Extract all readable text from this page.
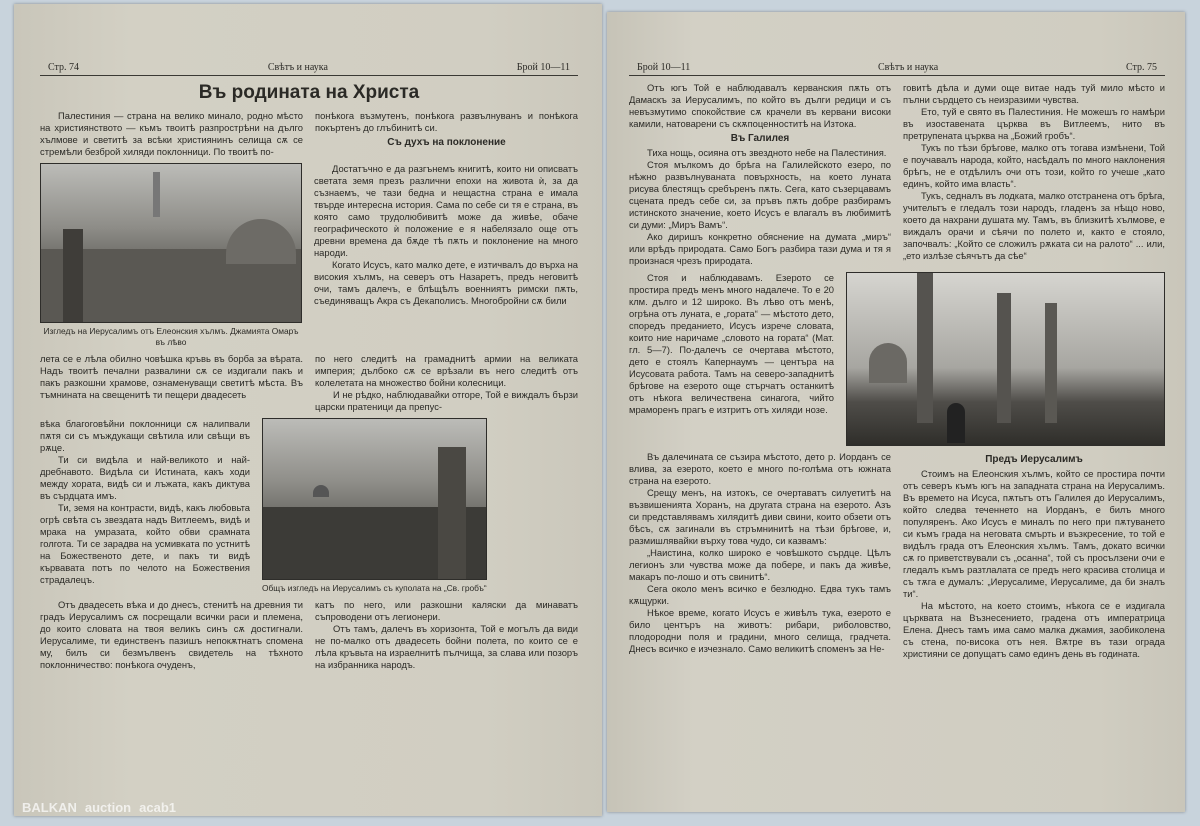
Стр. 74	Свѣтъ и наука	Брой 10—11
Въ родината на Христа

Палестиния — страна на велико минало, родно мѣсто на християнството — къмъ твоитѣ разпрострѣни на дълго хълмове и светитѣ за всѣки християнинъ селища сѫ се стремѣли безброй хиляди поклонници. По твоитѣ по-

понѣкога възмутенъ, понѣкога развълнуванъ и понѣкога покъртенъ до глъбинитѣ си.

Съ духъ на поклонение

Изгледъ на Иерусалимъ отъ Елеонския хълмъ. Джамията Омаръ въ лѣво

Достатъчно е да разгънемъ книгитѣ, които ни описватъ светата земя презъ различни епохи на живота ѝ, за да съзнаемъ, че тази бедна и нещастна страна е имала твърде интересна история. Сама по себе си тя е страна, въ която само трудолюбивитѣ може да живѣе, обаче географическото ѝ положение е я набелязало още отъ древни времена да бѫде тѣ пѫть и поклонение на много народи.

Когато Исусъ, като малко дете, е изтичвалъ до върха на високия хълмъ, на северъ отъ Назаретъ, предъ неговитѣ очи, тамъ далечъ, е блѣщѣлъ военниятъ римски пѫть, съединяващъ Акра съ Декаполисъ. Многобройни сѫ били

лета се е лѣла обилно човѣшка кръвь въ борба за вѣрата. Надъ твоитѣ печални развалини сѫ се издигали пакъ и пакъ разкошни храмове, ознаменуващи светитѣ мѣста. Въ тъмнината на свещенитѣ ти пещери двадесеть

по него следитѣ на грамаднитѣ армии на великата империя; дълбоко сѫ се врѣзали въ него следитѣ отъ колелетата на множество бойни колесници.

И не рѣдко, наблюдавайки отгоре, Той е виждалъ бързи царски пратеници да препус-

вѣка благоговѣйни поклонници сѫ налипвали пѫтя си съ мъждукащи свѣтила или свѣщи въ рѫце.

Ти си видѣла и най-великото и най-дребнавото. Видѣла си Истината, какъ ходи между хората, видѣ си и лъжата, какъ диктува въ сърдцата имъ.

Ти, земя на контрасти, видѣ, какъ любовьта огрѣ свѣта съ звездата надъ Витлеемъ, видѣ и мрака на умразата, който обви срамната голгота. Ти се зарадва на усмивката по устнитѣ на Божественото дете, и пакъ ти видѣ кървавата потъ по челото на Божествения страдалецъ.

Общъ изгледъ на Иерусалимъ съ куполата на „Св. гробъ“

Отъ двадесеть вѣка и до днесъ, стенитѣ на древния ти градъ Иерусалимъ сѫ посрещали всички раси и племена, до които словата на твоя великъ синъ сѫ достигнали. Иерусалиме, ти единственъ пазишъ непокѫтнатъ спомена му, билъ си безмълвенъ свидетель на тѣхното поклонничество: понѣкога очуденъ,

катъ по него, или разкошни каляски да минаватъ съпроводени отъ легионери.

Отъ тамъ, далечъ въ хоризонта, Той е могълъ да види не по-малко отъ двадесеть бойни полета, по които се е лѣла кръвьта на израелнитѣ пълчища, за слава или позоръ на избранника народъ.

Брой 10—11	Свѣтъ и наука	Стр. 75

Отъ югъ Той е наблюдавалъ керванския пѫть отъ Дамаскъ за Иерусалимъ, по който въ дълги редици и съ невъзмутимо спокойствие сѫ крачели въ кервани високи камили, натоварени съ скѫпоценноститѣ на Изтока.

Въ Галилея

Тиха нощь, осияна отъ звездното небе на Палестиния.

Стоя мълкомъ до брѣга на Галилейското езеро, по нѣжно развълнуваната повърхность, на което луната рисува блестящъ сребъренъ пѫть. Сега, като съзерцавамъ сцената предъ себе си, за пръвъ пѫть добре разбирамъ истинското значение, което Исусъ е влагалъ въ любимитѣ си думи: „Миръ Вамъ“.

Ако диришъ конкретно обяснение на думата „миръ“ или врѣдъ природата. Само Богъ разбира тази дума и тя я произнася чрезъ природата.

говитѣ дѣла и думи още витае надъ туй мило мѣсто и пълни сърдцето съ неизразими чувства.

Ето, туй е свято въ Палестиния. Не можешъ го намѣри въ изоставената църква въ Витлеемъ, нито въ претрупената църква на „Божий гробъ“.

Тукъ по тѣзи брѣгове, малко отъ тогава измѣнени, Той е поучавалъ народа, който, насѣдалъ по много наклонения брѣгъ, не е отдѣлилъ очи отъ този, който го учеше „като единъ, който има власть“.

Тукъ, седналъ въ лодката, малко отстранена отъ брѣга, учительтъ е гледалъ този народъ, гладенъ за нѣщо ново, което да нахрани душата му. Тамъ, въ близкитѣ хълмове, е виждалъ орачи и сѣячи по полето и, както е стояло, започвалъ: „Който се сложилъ рѫката си на ралото“ ... или, „ето излѣзе сѣячътъ да сѣе“

Стоя и наблюдавамъ. Езерото се простира предъ менъ много надалече. То е 20 клм. дълго и 12 широко. Въ лѣво отъ менѣ, огрѣна отъ луната, е „гората“ — мѣстото дето, споредъ преданието, Исусъ изрече словата, които ние наричаме „словото на гората“ (Мат. гл. 5—7). По-далечъ се очертава мѣстото, дето е стоялъ Капернаумъ — центъра на Исусовата работа. Тамъ на северо-западнитѣ брѣгове на езерото още стърчатъ останкитѣ отъ нѣкога величествена синагога, чийто мраморенъ прагъ е изтритъ отъ хиляди нозе.

Въ далечината се съзира мѣстото, дето р. Иорданъ се влива, за езерото, което е много по-голѣма отъ южната страна на езерото.

Срещу менъ, на изтокъ, се очертаватъ силуетитѣ на възвишенията Хоранъ, на другата страна на езерото. Азъ си представлявамъ хилядитѣ диви свини, които обзети отъ бѣсъ, сѫ загинали въ стръмнинитѣ на тѣзи брѣгове, и, размишлявайки върху това чудо, си казвамъ:

„Наистина, колко широко е човѣшкото сърдце. Цѣлъ легионъ зли чувства може да побере, и пакъ да живѣе, макаръ по-лошо и отъ свинитѣ“.

Сега около менъ всичко е безлюдно. Едва тукъ тамъ кѫщурки.

Нѣкое време, когато Исусъ е живѣлъ тука, езерото е било центъръ на животъ: рибари, риболовство, плодородни поля и градини, много селища, градчета. Днесъ всичко е изчезнало. Само великитѣ споменъ за Не-

Предъ Иерусалимъ

Стоимъ на Елеонския хълмъ, който се простира почти отъ северъ къмъ югъ на западната страна на Иерусалимъ. Въ времето на Исуса, пѫтьтъ отъ Галилея до Иерусалимъ, който следва теченнето на Иорданъ, е билъ много популяренъ. Ако Исусъ е миналъ по него при пѫтуването си къмъ града на неговата смърть и възкресение, то той е видѣлъ града отъ Елеонския хълмъ. Тамъ, докато всички сѫ го приветствували съ „осанна“, той съ просълзени очи е гледалъ къмъ разтлалата се предъ него красива столица и съ тѫга е думалъ: „Иерусалиме, Иерусалиме, да би зналъ ти“.

На мѣстото, на което стоимъ, нѣкога се е издигала църквата на Възнесението, градена отъ императрица Елена. Днесъ тамъ има само малка джамия, заобиколена съ стена, по-висока отъ нея. Вѫтре въ тази ограда християни се допущатъ само единъ день въ годината.

BALKAN auction acab1
